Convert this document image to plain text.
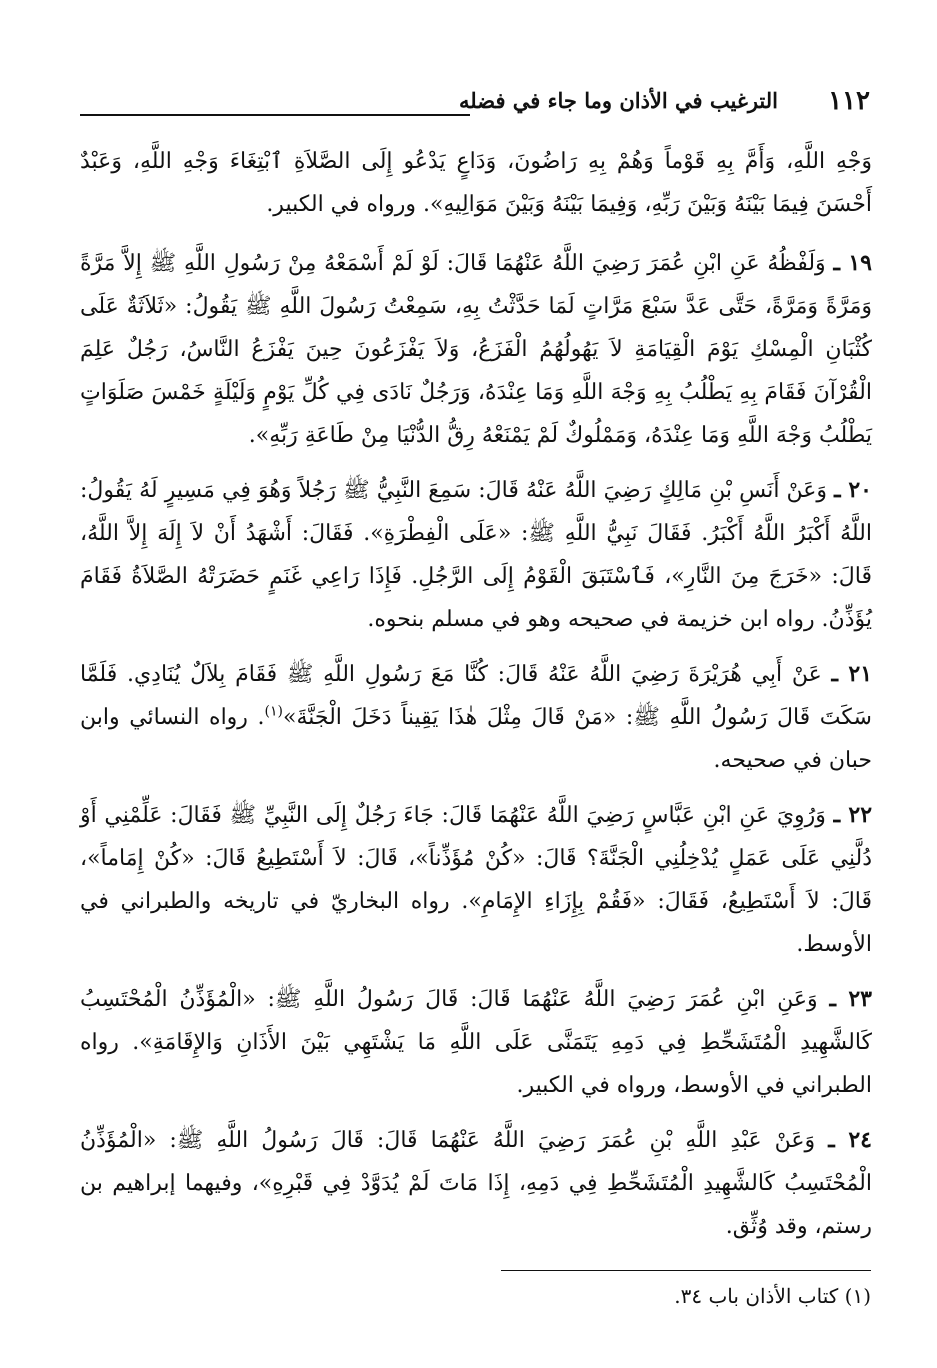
١١٢
الترغيب في الأذان وما جاء في فضله

وَجْهِ اللَّهِ، وَأَمَّ بِهِ قَوْماً وَهُمْ بِهِ رَاضُونَ، وَدَاعٍ يَدْعُو إِلَى الصَّلاَةِ ٱبْتِغَاءَ وَجْهِ اللَّهِ، وَعَبْدٌ أَحْسَنَ فِيمَا بَيْنَهُ وَبَيْنَ رَبِّهِ، وَفِيمَا بَيْنَهُ وَبَيْنَ مَوَالِيهِ». ورواه في الكبير.

١٩ ـ وَلَفْظُهُ عَنِ ابْنِ عُمَرَ رَضِيَ اللَّهُ عَنْهُمَا قَالَ: لَوْ لَمْ أَسْمَعْهُ مِنْ رَسُولِ اللَّهِ ﷺ إِلاَّ مَرَّةً وَمَرَّةً وَمَرَّةً، حَتَّى عَدَّ سَبْعَ مَرَّاتٍ لَمَا حَدَّثْتُ بِهِ، سَمِعْتُ رَسُولَ اللَّهِ ﷺ يَقُولُ: «ثَلاَثَةٌ عَلَى كُثْبَانِ الْمِسْكِ يَوْمَ الْقِيَامَةِ لاَ يَهُولُهُمُ الْفَزَعُ، وَلاَ يَفْزَعُونَ حِينَ يَفْزَعُ النَّاسُ، رَجُلٌ عَلِمَ الْقُرْآنَ فَقَامَ بِهِ يَطْلُبُ بِهِ وَجْهَ اللَّهِ وَمَا عِنْدَهُ، وَرَجُلٌ نَادَى فِي كُلِّ يَوْمٍ وَلَيْلَةٍ خَمْسَ صَلَوَاتٍ يَطْلُبُ وَجْهَ اللَّهِ وَمَا عِنْدَهُ، وَمَمْلُوكٌ لَمْ يَمْنَعْهُ رِقُّ الدُّنْيَا مِنْ طَاعَةِ رَبِّهِ».

٢٠ ـ وَعَنْ أَنَسِ بْنِ مَالِكٍ رَضِيَ اللَّهُ عَنْهُ قَالَ: سَمِعَ النَّبِيُّ ﷺ رَجُلاً وَهُوَ فِي مَسِيرٍ لَهُ يَقُولُ: اللَّهُ أَكْبَرُ اللَّهُ أَكْبَرُ. فَقَالَ نَبِيُّ اللَّهِ ﷺ: «عَلَى الْفِطْرَةِ». فَقَالَ: أَشْهَدُ أَنْ لاَ إِلَهَ إِلاَّ اللَّهُ، قَالَ: «خَرَجَ مِنَ النَّارِ»، فَٱسْتَبَقَ الْقَوْمُ إِلَى الرَّجُلِ. فَإِذَا رَاعِي غَنَمٍ حَضَرَتْهُ الصَّلاَةُ فَقَامَ يُؤَذِّنُ. رواه ابن خزيمة في صحيحه وهو في مسلم بنحوه.

٢١ ـ عَنْ أَبِي هُرَيْرَةَ رَضِيَ اللَّهُ عَنْهُ قَالَ: كُنَّا مَعَ رَسُولِ اللَّهِ ﷺ فَقَامَ بِلاَلٌ يُنَادِي. فَلَمَّا سَكَتَ قَالَ رَسُولُ اللَّهِ ﷺ: «مَنْ قَالَ مِثْلَ هٰذَا يَقِيناً دَخَلَ الْجَنَّةَ»$^{(١)}$. رواه النسائي وابن حبان في صحيحه.

٢٢ ـ وَرُوِيَ عَنِ ابْنِ عَبَّاسٍ رَضِيَ اللَّهُ عَنْهُمَا قَالَ: جَاءَ رَجُلٌ إِلَى النَّبِيِّ ﷺ فَقَالَ: عَلِّمْنِي أَوْ دُلَّنِي عَلَى عَمَلٍ يُدْخِلُنِي الْجَنَّةَ؟ قَالَ: «كُنْ مُؤَذِّناً»، قَالَ: لاَ أَسْتَطِيعُ قَالَ: «كُنْ إِمَاماً»، قَالَ: لاَ أَسْتَطِيعُ، فَقَالَ: «فَقُمْ بِإِزَاءِ الإِمَامِ». رواه البخاريّ في تاريخه والطبراني في الأوسط.

٢٣ ـ وَعَنِ ابْنِ عُمَرَ رَضِيَ اللَّهُ عَنْهُمَا قَالَ: قَالَ رَسُولُ اللَّهِ ﷺ: «الْمُؤَذِّنُ الْمُحْتَسِبُ كَالشَّهِيدِ الْمُتَشَحِّطِ فِي دَمِهِ يَتَمَنَّى عَلَى اللَّهِ مَا يَشْتَهِي بَيْنَ الأَذَانِ وَالإِقَامَةِ». رواه الطبراني في الأوسط، ورواه في الكبير.

٢٤ ـ وَعَنْ عَبْدِ اللَّهِ بْنِ عُمَرَ رَضِيَ اللَّهُ عَنْهُمَا قَالَ: قَالَ رَسُولُ اللَّهِ ﷺ: «الْمُؤَذِّنُ الْمُحْتَسِبُ كَالشَّهِيدِ الْمُتَشَحِّطِ فِي دَمِهِ، إِذَا مَاتَ لَمْ يُدَوَّدْ فِي قَبْرِهِ»، وفيهما إبراهيم بن رستم، وقد وُثِّق.

(١) كتاب الأذان باب ٣٤.
